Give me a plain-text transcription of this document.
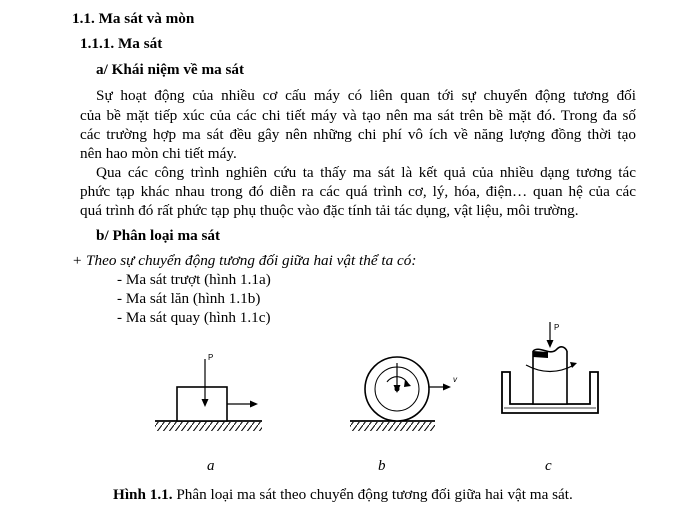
1.1. Ma sát và mòn
1.1.1. Ma sát
a/ Khái niệm về ma sát
Sự hoạt động của nhiều cơ cấu máy có liên quan tới sự chuyển động tương đối
của bề mặt tiếp xúc của các chi tiết máy và tạo nên ma sát trên bề mặt đó. Trong đa số
các trường hợp ma sát đều gây nên những chi phí vô ích về năng lượng đồng thời tạo
nên hao mòn chi tiết máy.
Qua các công trình nghiên cứu ta thấy ma sát là kết quả của nhiều dạng tương tác
phức tạp khác nhau trong đó diễn ra các quá trình cơ, lý, hóa, điện… quan hệ của các
quá trình đó rất phức tạp phụ thuộc vào đặc tính tải tác dụng, vật liệu, môi trường.
b/ Phân loại ma sát
+ Theo sự chuyển động tương đối giữa hai vật thể ta có:
- Ma sát trượt (hình 1.1a)
- Ma sát lăn (hình 1.1b)
- Ma sát quay (hình 1.1c)
P
v
P
a	b	c
Hình 1.1. Phân loại ma sát theo chuyển động tương đối giữa hai vật ma sát.
